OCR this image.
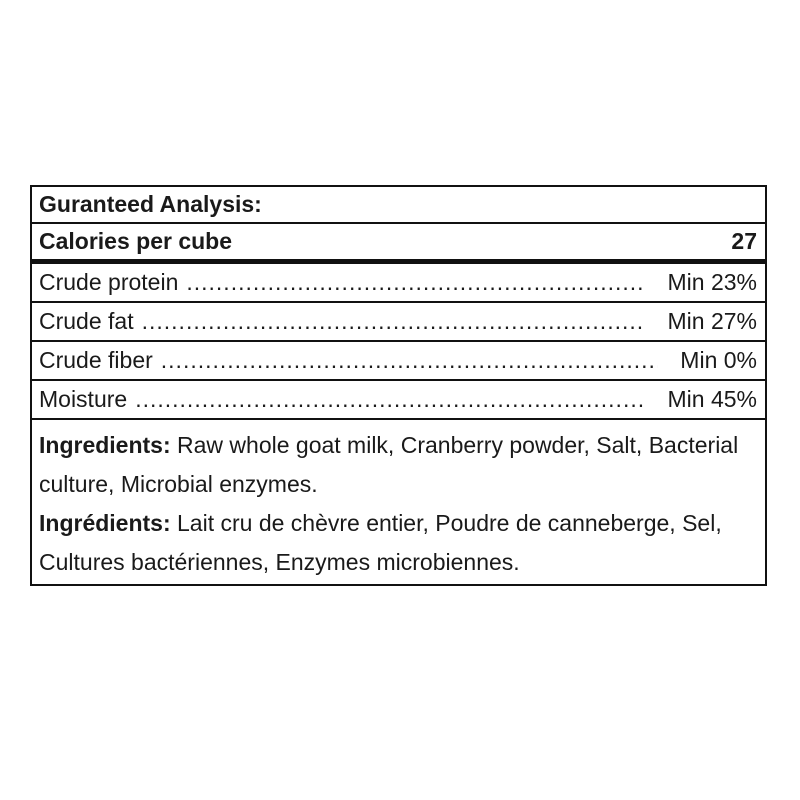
Guranteed Analysis:
Calories per cube	27
Crude protein .....	Min 23%
Crude fat .....	Min 27%
Crude fiber .....	Min 0%
Moisture .....	Min 45%

Ingredients: Raw whole goat milk, Cranberry powder, Salt, Bacterial culture, Microbial enzymes.

Ingrédients: Lait cru de chèvre entier, Poudre de canneberge, Sel, Cultures bactériennes, Enzymes microbiennes.
